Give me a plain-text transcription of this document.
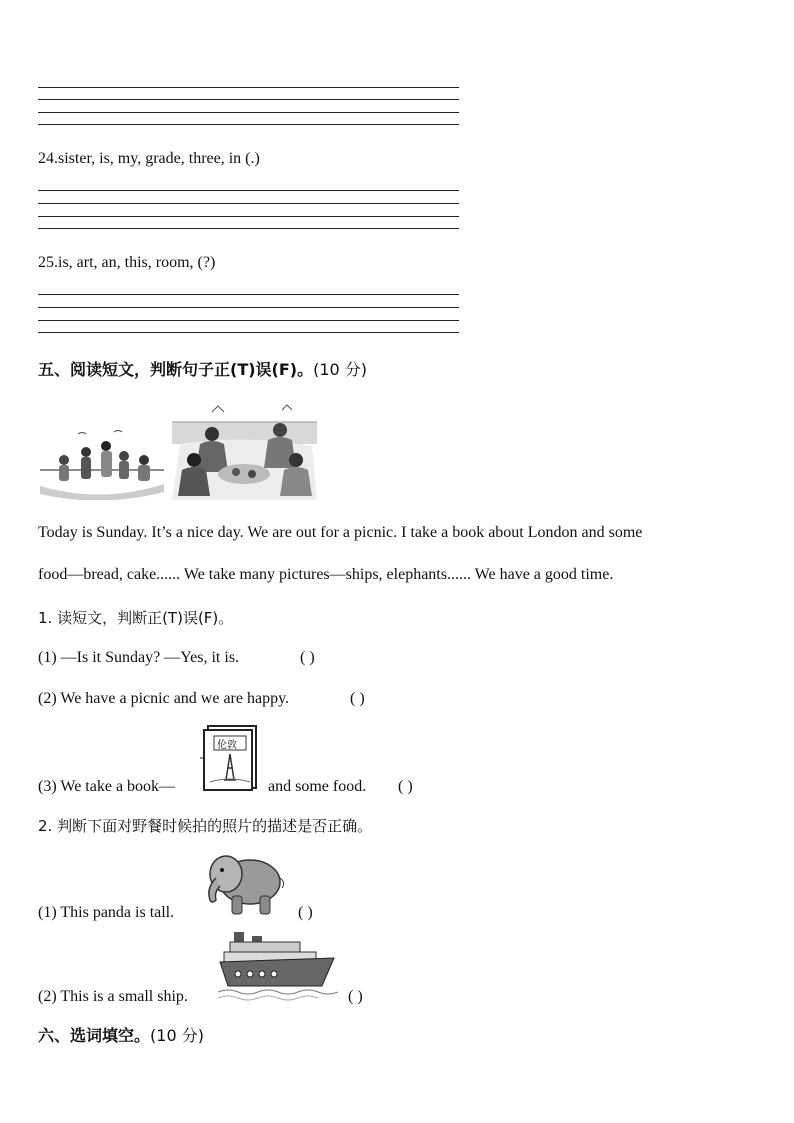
24.sister, is, my, grade, three, in (.)
25.is, art, an, this, room, (?)
五、阅读短文，判断句子正(T)误(F)。(10 分)
Today is Sunday. It’s a nice day. We are out for a picnic. I take a book about London and some
food—bread, cake...... We take many pictures—ships, elephants...... We have a good time.
1. 读短文，判断正(T)误(F)。
(1) —Is it Sunday? —Yes, it is.	( )
(2) We have a picnic and we are happy.	( )
(3) We take a book—
伦敦
and some food. ( )
2. 判断下面对野餐时候拍的照片的描述是否正确。
(1) This panda is tall.	( )
(2) This is a small ship.	( )
六、选词填空。(10 分)
